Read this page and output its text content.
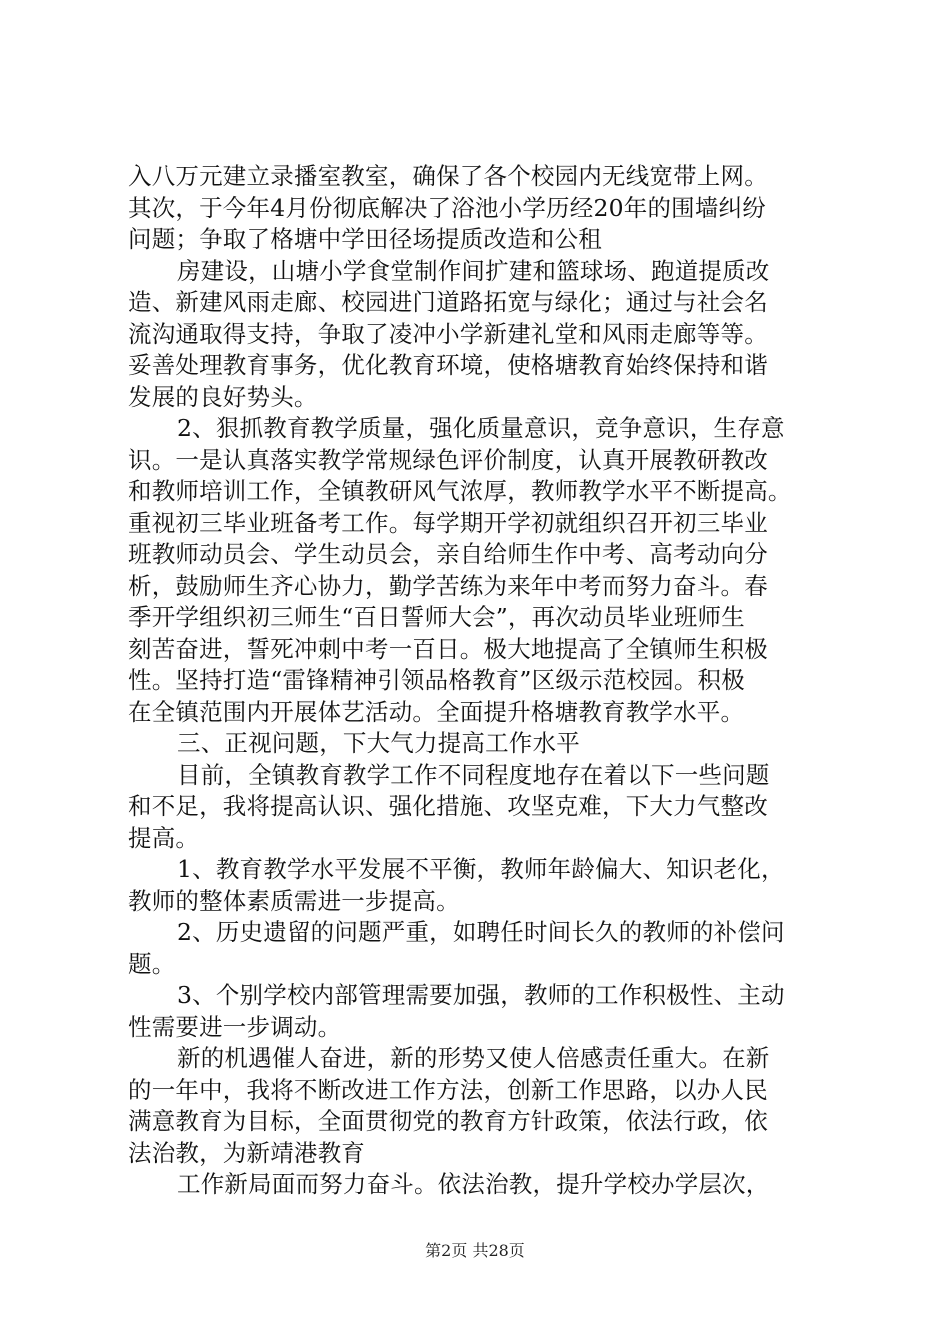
入八万元建立录播室教室，确保了各个校园内无线宽带上网。
其次，于今年4月份彻底解决了浴池小学历经20年的围墙纠纷
问题；争取了格塘中学田径场提质改造和公租
房建设，山塘小学食堂制作间扩建和篮球场、跑道提质改
造、新建风雨走廊、校园进门道路拓宽与绿化；通过与社会名
流沟通取得支持，争取了凌冲小学新建礼堂和风雨走廊等等。
妥善处理教育事务，优化教育环境，使格塘教育始终保持和谐
发展的良好势头。
2、狠抓教育教学质量，强化质量意识，竞争意识，生存意
识。一是认真落实教学常规绿色评价制度，认真开展教研教改
和教师培训工作，全镇教研风气浓厚，教师教学水平不断提高。
重视初三毕业班备考工作。每学期开学初就组织召开初三毕业
班教师动员会、学生动员会，亲自给师生作中考、高考动向分
析，鼓励师生齐心协力，勤学苦练为来年中考而努力奋斗。春
季开学组织初三师生“百日誓师大会”，再次动员毕业班师生
刻苦奋进，誓死冲刺中考一百日。极大地提高了全镇师生积极
性。坚持打造“雷锋精神引领品格教育”区级示范校园。积极
在全镇范围内开展体艺活动。全面提升格塘教育教学水平。
三、正视问题，下大气力提高工作水平
目前，全镇教育教学工作不同程度地存在着以下一些问题
和不足，我将提高认识、强化措施、攻坚克难，下大力气整改
提高。
1、教育教学水平发展不平衡，教师年龄偏大、知识老化，
教师的整体素质需进一步提高。
2、历史遗留的问题严重，如聘任时间长久的教师的补偿问
题。
3、个别学校内部管理需要加强，教师的工作积极性、主动
性需要进一步调动。
新的机遇催人奋进，新的形势又使人倍感责任重大。在新
的一年中，我将不断改进工作方法，创新工作思路，以办人民
满意教育为目标，全面贯彻党的教育方针政策，依法行政，依
法治教，为新靖港教育
工作新局面而努力奋斗。依法治教，提升学校办学层次，
第2页 共28页
